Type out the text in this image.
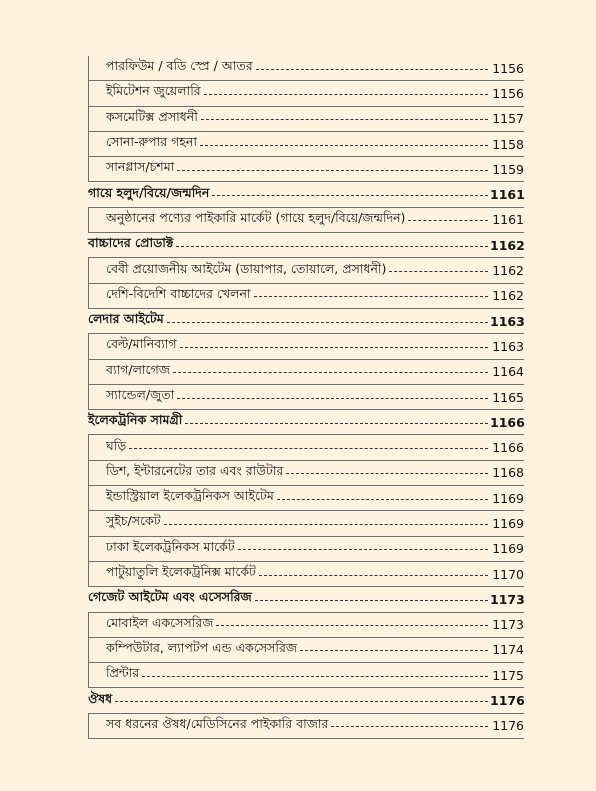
পারফিউম / বডি স্প্রে / আতর	1156
ইমিটেশন জুয়েলারি	1156
কসমেটিক্স প্রসাধনী	1157
সোনা-রুপার গহনা	1158
সানগ্লাস/চশমা	1159
গায়ে হলুদ/বিয়ে/জন্মদিন	1161
অনুষ্ঠানের পণ্যের পাইকারি মার্কেট (গায়ে হলুদ/বিয়ে/জন্মদিন)	1161
বাচ্চাদের প্রোডাক্ট	1162
বেবী প্রয়োজনীয় আইটেম (ডায়াপার, তোয়ালে, প্রসাধনী)	1162
দেশি-বিদেশি বাচ্চাদের খেলনা	1162
লেদার আইটেম	1163
বেল্ট/মানিব্যাগ	1163
ব্যাগ/লাগেজ	1164
স্যান্ডেল/জুতা	1165
ইলেকট্রনিক সামগ্রী	1166
ঘড়ি	1166
ডিশ, ইন্টারনেটের তার এবং রাউটার	1168
ইন্ডাস্ট্রিয়াল ইলেকট্রনিকস আইটেম	1169
সুইচ/সকেট	1169
ঢাকা ইলেকট্রনিকস মার্কেট	1169
পাটুয়াতুলি ইলেকট্রনিক্স মার্কেট	1170
গেজেট আইটেম এবং এসেসরিজ	1173
মোবাইল একসেসরিজ	1173
কম্পিউটার, ল্যাপটপ এন্ড একসেসরিজ	1174
প্রিন্টার	1175
ঔষধ	1176
সব ধরনের ঔষধ/মেডিসিনের পাইকারি বাজার	1176
